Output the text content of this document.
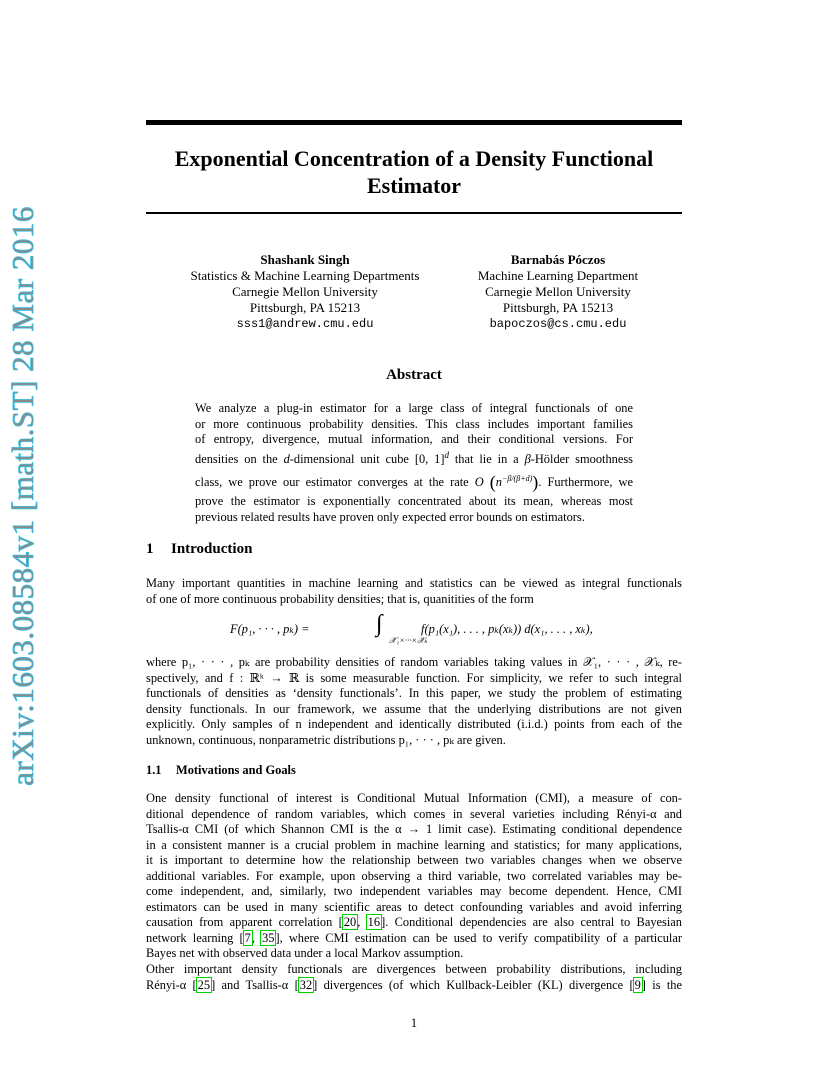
arXiv:1603.08584v1 [math.ST] 28 Mar 2016
Exponential Concentration of a Density Functional
Estimator
Shashank Singh
Statistics & Machine Learning Departments
Carnegie Mellon University
Pittsburgh, PA 15213
sss1@andrew.cmu.edu
Barnabás Póczos
Machine Learning Department
Carnegie Mellon University
Pittsburgh, PA 15213
bapoczos@cs.cmu.edu
Abstract
We analyze a plug-in estimator for a large class of integral functionals of one
or more continuous probability densities. This class includes important families
of entropy, divergence, mutual information, and their conditional versions. For
densities on the d-dimensional unit cube [0, 1]$^d$ that lie in a β-Hölder smoothness
class, we prove our estimator converges at the rate O $(n^{-\beta/(\beta+d)})$. Furthermore, we
prove the estimator is exponentially concentrated about its mean, whereas most
previous related results have proven only expected error bounds on estimators.
1 Introduction
Many important quantities in machine learning and statistics can be viewed as integral functionals
of one of more continuous probability densities; that is, quanitities of the form
F(p₁, · · · , pₖ) =	∫
𝒳₁×···×𝒳ₖ
f(p₁(x₁), . . . , pₖ(xₖ)) d(x₁, . . . , xₖ),
where p₁, · · · , pₖ are probability densities of random variables taking values in 𝒳₁, · · · , 𝒳ₖ, re-
spectively, and f : ℝᵏ → ℝ is some measurable function. For simplicity, we refer to such integral
functionals of densities as ‘density functionals’. In this paper, we study the problem of estimating
density functionals. In our framework, we assume that the underlying distributions are not given
explicitly. Only samples of n independent and identically distributed (i.i.d.) points from each of the
unknown, continuous, nonparametric distributions p₁, · · · , pₖ are given.
1.1 Motivations and Goals
One density functional of interest is Conditional Mutual Information (CMI), a measure of con-
ditional dependence of random variables, which comes in several varieties including Rényi-α and
Tsallis-α CMI (of which Shannon CMI is the α → 1 limit case). Estimating conditional dependence
in a consistent manner is a crucial problem in machine learning and statistics; for many applications,
it is important to determine how the relationship between two variables changes when we observe
additional variables. For example, upon observing a third variable, two correlated variables may be-
come independent, and, similarly, two independent variables may become dependent. Hence, CMI
estimators can be used in many scientific areas to detect confounding variables and avoid inferring
causation from apparent correlation [20, 16]. Conditional dependencies are also central to Bayesian
network learning [7, 35], where CMI estimation can be used to verify compatibility of a particular
Bayes net with observed data under a local Markov assumption.
Other important density functionals are divergences between probability distributions, including
Rényi-α [25] and Tsallis-α [32] divergences (of which Kullback-Leibler (KL) divergence [9] is the
1
